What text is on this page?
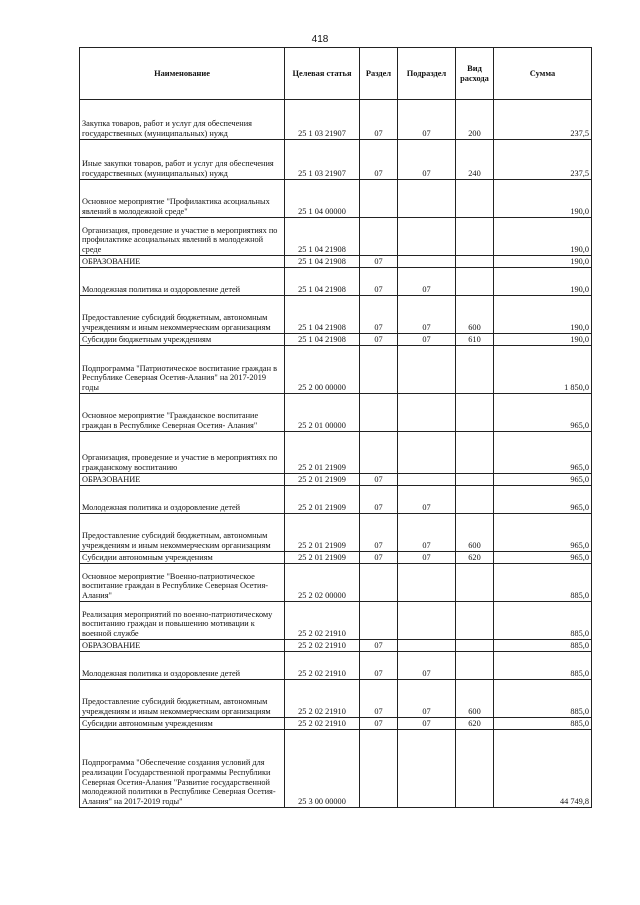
418
Наименование	Целевая статья	Раздел	Подраздел	Вид расхода	Сумма
Закупка товаров, работ и услуг для обеспечения государственных (муниципальных) нужд	25 1 03 21907	07	07	200	237,5
Иные закупки товаров, работ и услуг для обеспечения государственных (муниципальных) нужд	25 1 03 21907	07	07	240	237,5
Основное мероприятие "Профилактика асоциальных явлений в молодежной среде"	25 1 04 00000				190,0
Организация, проведение и участие в мероприятиях по профилактике асоциальных явлений в молодежной среде	25 1 04 21908				190,0
ОБРАЗОВАНИЕ	25 1 04 21908	07			190,0
Молодежная политика и оздоровление детей	25 1 04 21908	07	07		190,0
Предоставление субсидий бюджетным, автономным учреждениям и иным некоммерческим организациям	25 1 04 21908	07	07	600	190,0
Субсидии бюджетным учреждениям	25 1 04 21908	07	07	610	190,0
Подпрограмма "Патриотическое воспитание граждан в Республике Северная Осетия-Алания" на 2017-2019 годы	25 2 00 00000				1 850,0
Основное мероприятие "Гражданское воспитание граждан в Республике Северная Осетия- Алания"	25 2 01 00000				965,0
Организация, проведение и участие в мероприятиях по гражданскому воспитанию	25 2 01 21909				965,0
ОБРАЗОВАНИЕ	25 2 01 21909	07			965,0
Молодежная политика и оздоровление детей	25 2 01 21909	07	07		965,0
Предоставление субсидий бюджетным, автономным учреждениям и иным некоммерческим организациям	25 2 01 21909	07	07	600	965,0
Субсидии автономным учреждениям	25 2 01 21909	07	07	620	965,0
Основное мероприятие "Военно-патриотическое воспитание граждан в Республике Северная Осетия- Алания"	25 2 02 00000				885,0
Реализация мероприятий по военно-патриотическому воспитанию граждан и повышению мотивации к военной службе	25 2 02 21910				885,0
ОБРАЗОВАНИЕ	25 2 02 21910	07			885,0
Молодежная политика и оздоровление детей	25 2 02 21910	07	07		885,0
Предоставление субсидий бюджетным, автономным учреждениям и иным некоммерческим организациям	25 2 02 21910	07	07	600	885,0
Субсидии автономным учреждениям	25 2 02 21910	07	07	620	885,0
Подпрограмма "Обеспечение создания условий для реализации Государственной программы Республики Северная Осетия-Алания "Развитие государственной молодежной политики в Республике Северная Осетия-Алания" на 2017-2019 годы"	25 3 00 00000				44 749,8
